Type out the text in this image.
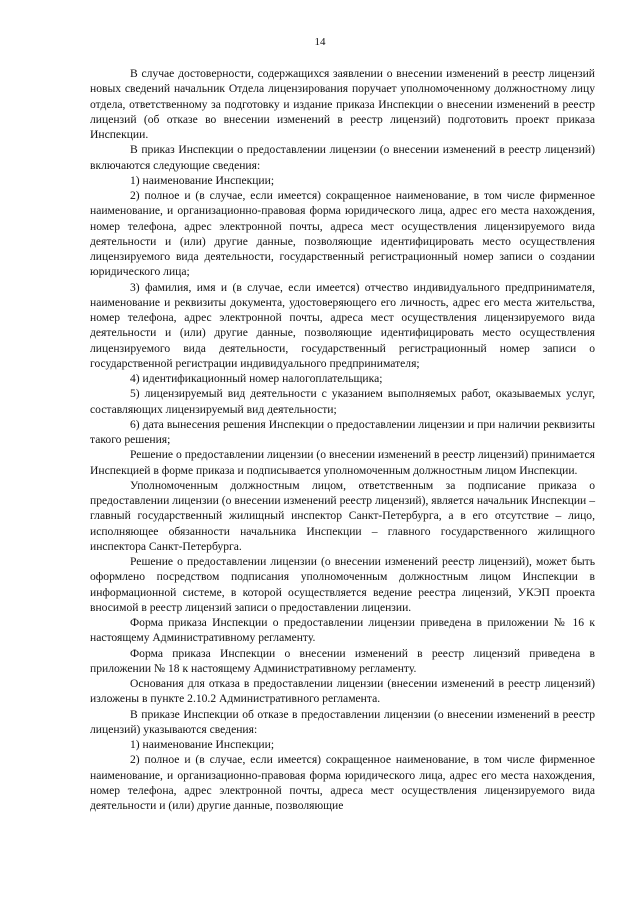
14

В случае достоверности, содержащихся заявлении о внесении изменений в реестр лицензий новых сведений начальник Отдела лицензирования поручает уполномоченному должностному лицу отдела, ответственному за подготовку и издание приказа Инспекции о внесении изменений в реестр лицензий (об отказе во внесении изменений в реестр лицензий) подготовить проект приказа Инспекции.

В приказ Инспекции о предоставлении лицензии (о внесении изменений в реестр лицензий) включаются следующие сведения:

1) наименование Инспекции;

2) полное и (в случае, если имеется) сокращенное наименование, в том числе фирменное наименование, и организационно-правовая форма юридического лица, адрес его места нахождения, номер телефона, адрес электронной почты, адреса мест осуществления лицензируемого вида деятельности и (или) другие данные, позволяющие идентифицировать место осуществления лицензируемого вида деятельности, государственный регистрационный номер записи о создании юридического лица;

3) фамилия, имя и (в случае, если имеется) отчество индивидуального предпринимателя, наименование и реквизиты документа, удостоверяющего его личность, адрес его места жительства, номер телефона, адрес электронной почты, адреса мест осуществления лицензируемого вида деятельности и (или) другие данные, позволяющие идентифицировать место осуществления лицензируемого вида деятельности, государственный регистрационный номер записи о государственной регистрации индивидуального предпринимателя;

4) идентификационный номер налогоплательщика;

5) лицензируемый вид деятельности с указанием выполняемых работ, оказываемых услуг, составляющих лицензируемый вид деятельности;

6) дата вынесения решения Инспекции о предоставлении лицензии и при наличии реквизиты такого решения;

Решение о предоставлении лицензии (о внесении изменений в реестр лицензий) принимается Инспекцией в форме приказа и подписывается уполномоченным должностным лицом Инспекции.

Уполномоченным должностным лицом, ответственным за подписание приказа о предоставлении лицензии (о внесении изменений реестр лицензий), является начальник Инспекции – главный государственный жилищный инспектор Санкт-Петербурга, а в его отсутствие – лицо, исполняющее обязанности начальника Инспекции – главного государственного жилищного инспектора Санкт-Петербурга.

Решение о предоставлении лицензии (о внесении изменений реестр лицензий), может быть оформлено посредством подписания уполномоченным должностным лицом Инспекции в информационной системе, в которой осуществляется ведение реестра лицензий, УКЭП проекта вносимой в реестр лицензий записи о предоставлении лицензии.

Форма приказа Инспекции о предоставлении лицензии приведена в приложении № 16 к настоящему Административному регламенту.

Форма приказа Инспекции о внесении изменений в реестр лицензий приведена в приложении № 18 к настоящему Административному регламенту.

Основания для отказа в предоставлении лицензии (внесении изменений в реестр лицензий) изложены в пункте 2.10.2 Административного регламента.

В приказе Инспекции об отказе в предоставлении лицензии (о внесении изменений в реестр лицензий) указываются сведения:

1) наименование Инспекции;

2) полное и (в случае, если имеется) сокращенное наименование, в том числе фирменное наименование, и организационно-правовая форма юридического лица, адрес его места нахождения, номер телефона, адрес электронной почты, адреса мест осуществления лицензируемого вида деятельности и (или) другие данные, позволяющие
